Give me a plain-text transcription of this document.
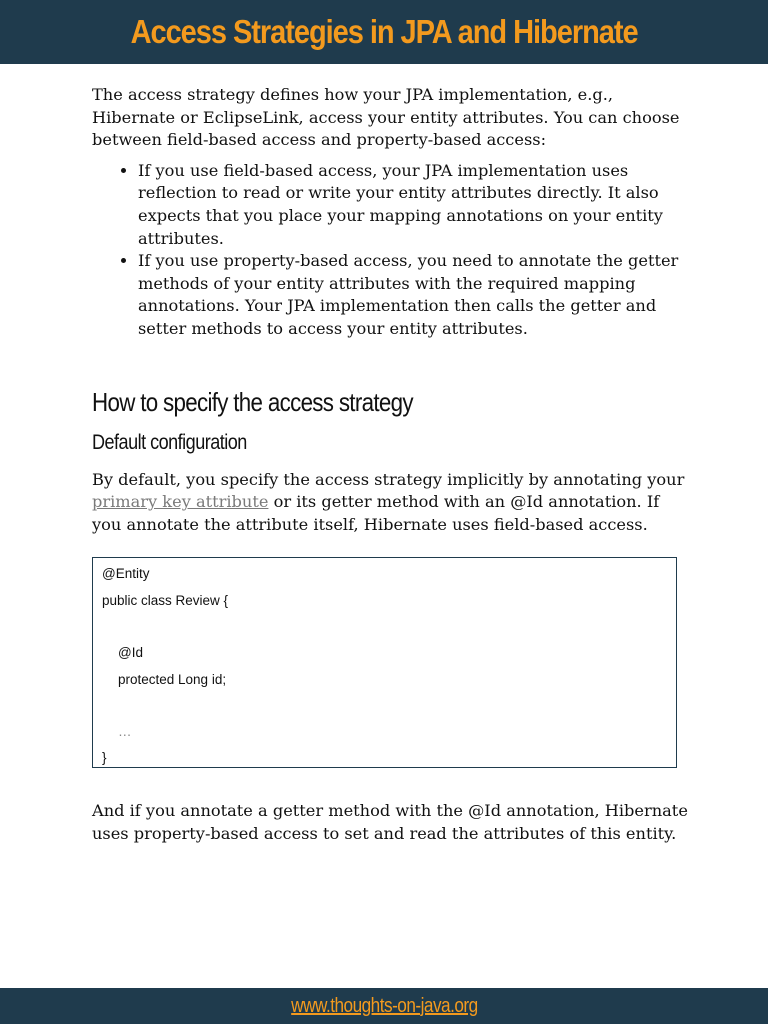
Access Strategies in JPA and Hibernate

The access strategy defines how your JPA implementation, e.g., Hibernate or EclipseLink, access your entity attributes. You can choose between field-based access and property-based access:

• If you use field-based access, your JPA implementation uses reflection to read or write your entity attributes directly. It also expects that you place your mapping annotations on your entity attributes.
• If you use property-based access, you need to annotate the getter methods of your entity attributes with the required mapping annotations. Your JPA implementation then calls the getter and setter methods to access your entity attributes.
How to specify the access strategy
Default configuration

By default, you specify the access strategy implicitly by annotating your primary key attribute or its getter method with an @Id annotation. If you annotate the attribute itself, Hibernate uses field-based access.

@Entity
public class Review {
@Id
protected Long id;
…
}

And if you annotate a getter method with the @Id annotation, Hibernate uses property-based access to set and read the attributes of this entity.

www.thoughts-on-java.org
